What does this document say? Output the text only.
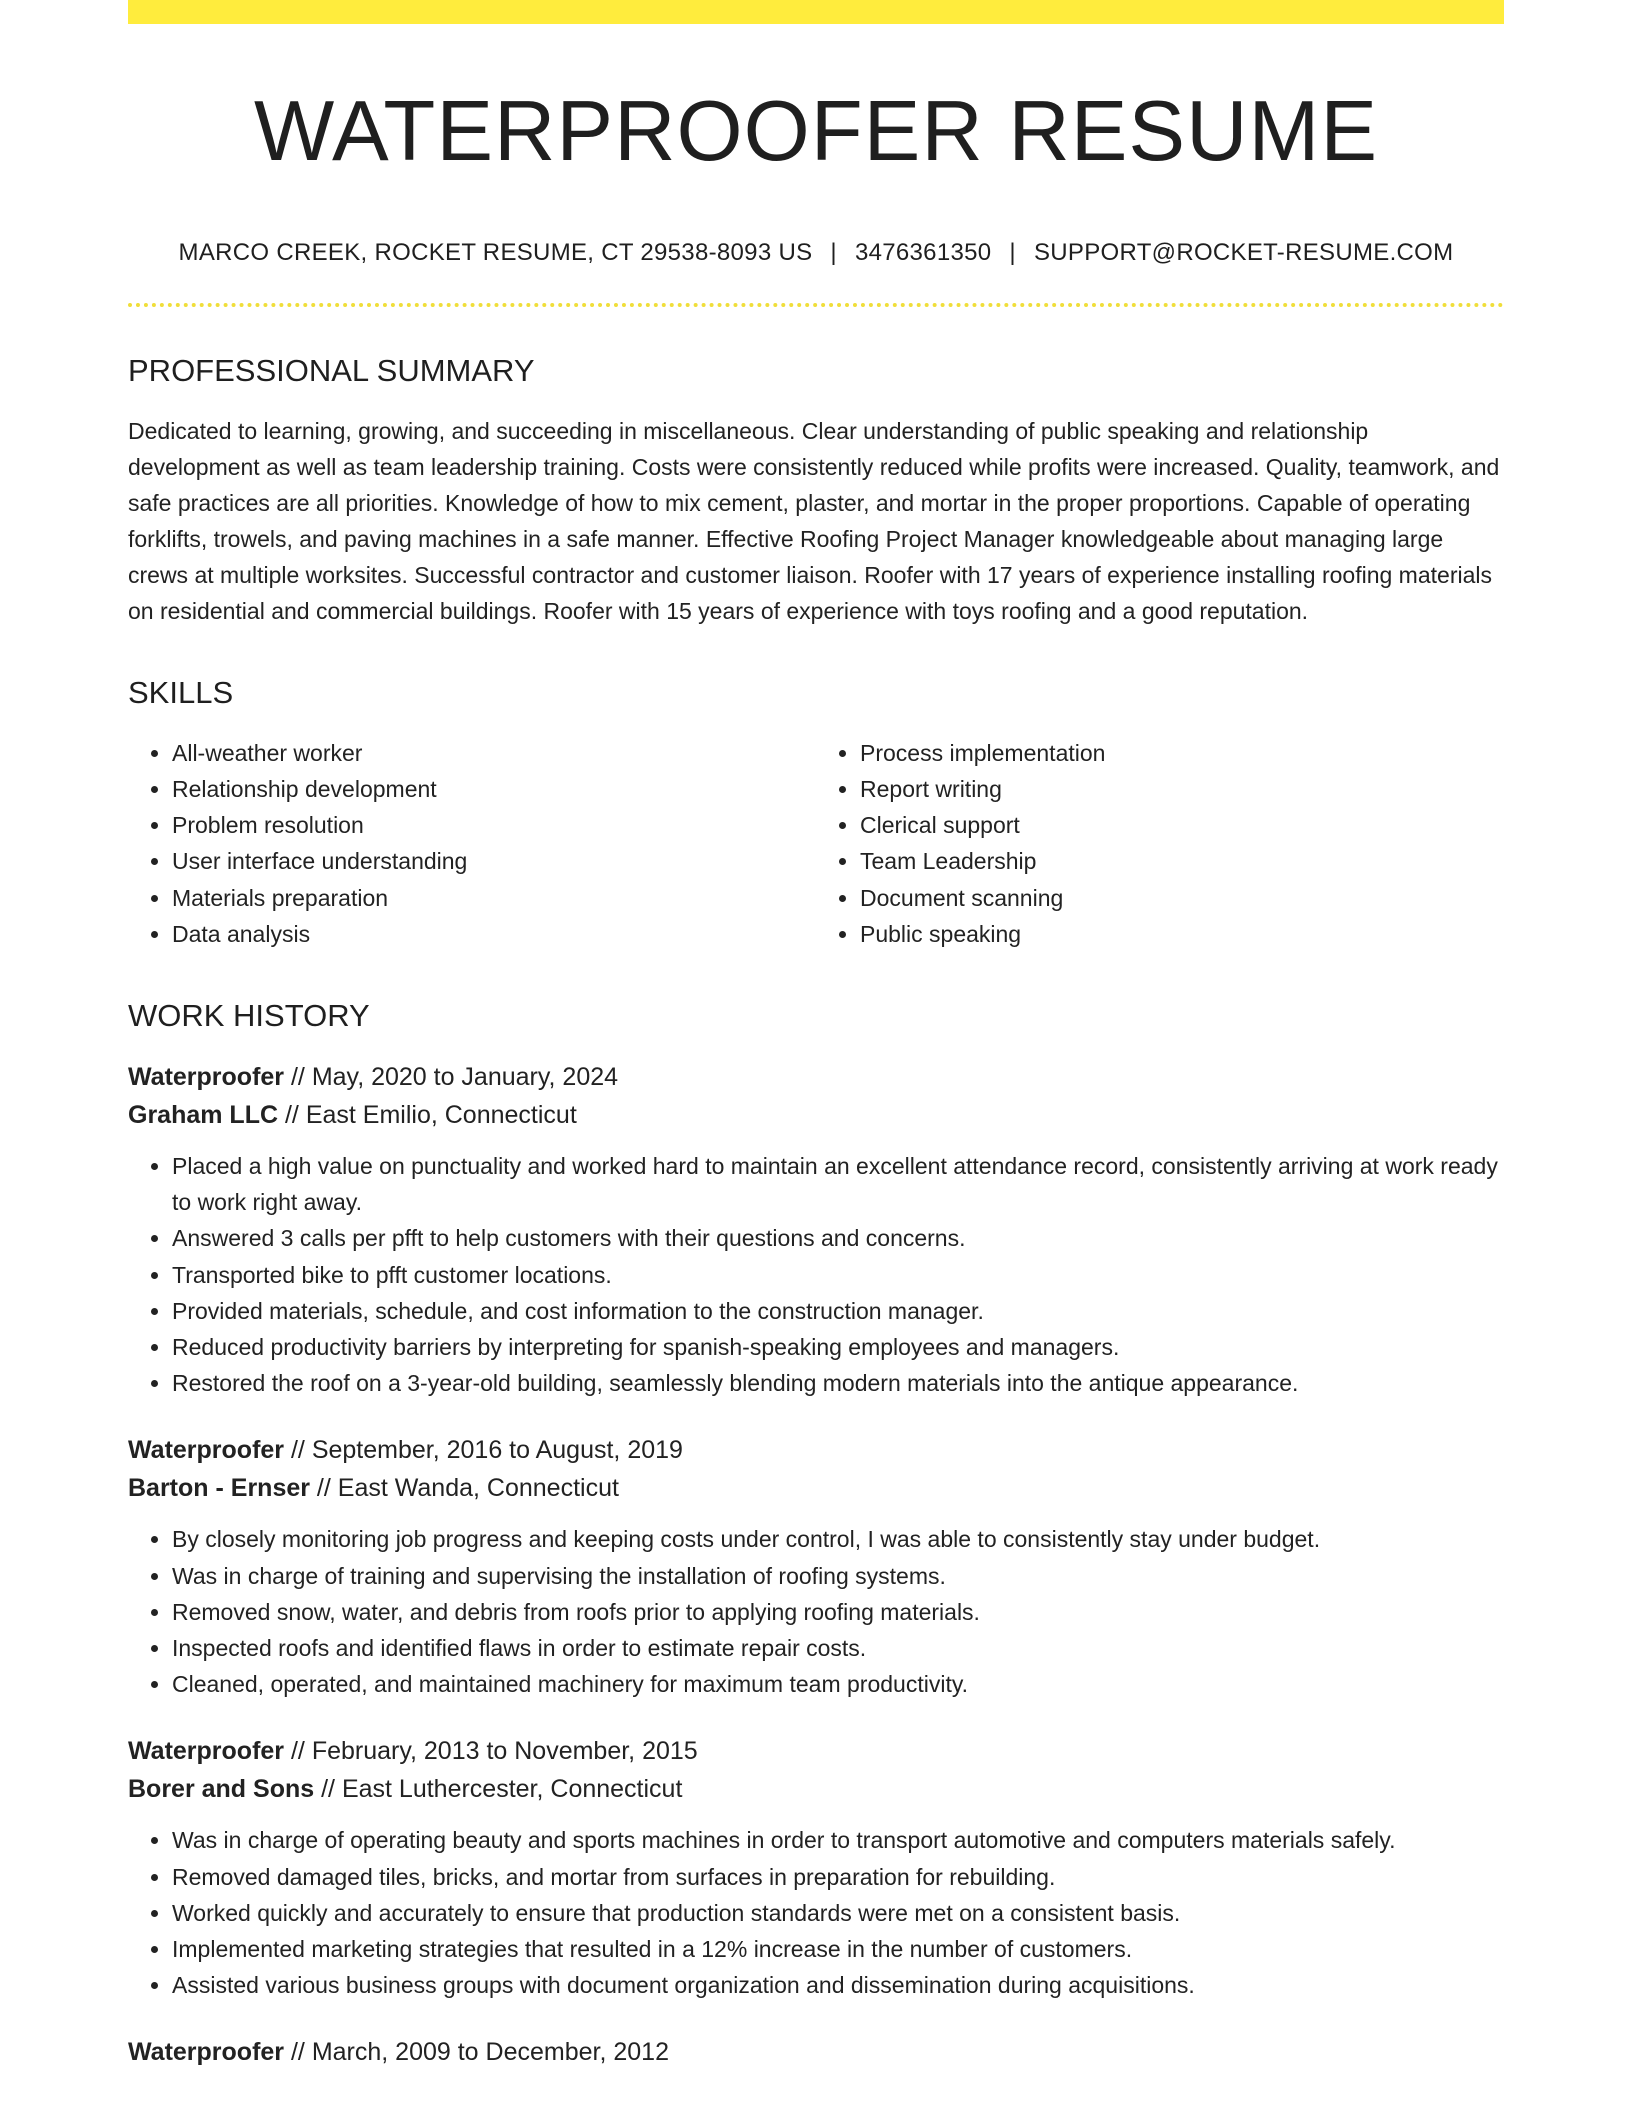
WATERPROOFER RESUME
MARCO CREEK, ROCKET RESUME, CT 29538-8093 US | 3476361350 | SUPPORT@ROCKET-RESUME.COM
PROFESSIONAL SUMMARY

Dedicated to learning, growing, and succeeding in miscellaneous. Clear understanding of public speaking and relationship development as well as team leadership training. Costs were consistently reduced while profits were increased. Quality, teamwork, and safe practices are all priorities. Knowledge of how to mix cement, plaster, and mortar in the proper proportions. Capable of operating forklifts, trowels, and paving machines in a safe manner. Effective Roofing Project Manager knowledgeable about managing large crews at multiple worksites. Successful contractor and customer liaison. Roofer with 17 years of experience installing roofing materials on residential and commercial buildings. Roofer with 15 years of experience with toys roofing and a good reputation.

SKILLS
• All-weather worker
• Relationship development
• Problem resolution
• User interface understanding
• Materials preparation
• Data analysis
• Process implementation
• Report writing
• Clerical support
• Team Leadership
• Document scanning
• Public speaking
WORK HISTORY
Waterproofer // May, 2020 to January, 2024
Graham LLC // East Emilio, Connecticut
• Placed a high value on punctuality and worked hard to maintain an excellent attendance record, consistently arriving at work ready to work right away.
• Answered 3 calls per pfft to help customers with their questions and concerns.
• Transported bike to pfft customer locations.
• Provided materials, schedule, and cost information to the construction manager.
• Reduced productivity barriers by interpreting for spanish-speaking employees and managers.
• Restored the roof on a 3-year-old building, seamlessly blending modern materials into the antique appearance.
Waterproofer // September, 2016 to August, 2019
Barton - Ernser // East Wanda, Connecticut
• By closely monitoring job progress and keeping costs under control, I was able to consistently stay under budget.
• Was in charge of training and supervising the installation of roofing systems.
• Removed snow, water, and debris from roofs prior to applying roofing materials.
• Inspected roofs and identified flaws in order to estimate repair costs.
• Cleaned, operated, and maintained machinery for maximum team productivity.
Waterproofer // February, 2013 to November, 2015
Borer and Sons // East Luthercester, Connecticut
• Was in charge of operating beauty and sports machines in order to transport automotive and computers materials safely.
• Removed damaged tiles, bricks, and mortar from surfaces in preparation for rebuilding.
• Worked quickly and accurately to ensure that production standards were met on a consistent basis.
• Implemented marketing strategies that resulted in a 12% increase in the number of customers.
• Assisted various business groups with document organization and dissemination during acquisitions.
Waterproofer // March, 2009 to December, 2012
